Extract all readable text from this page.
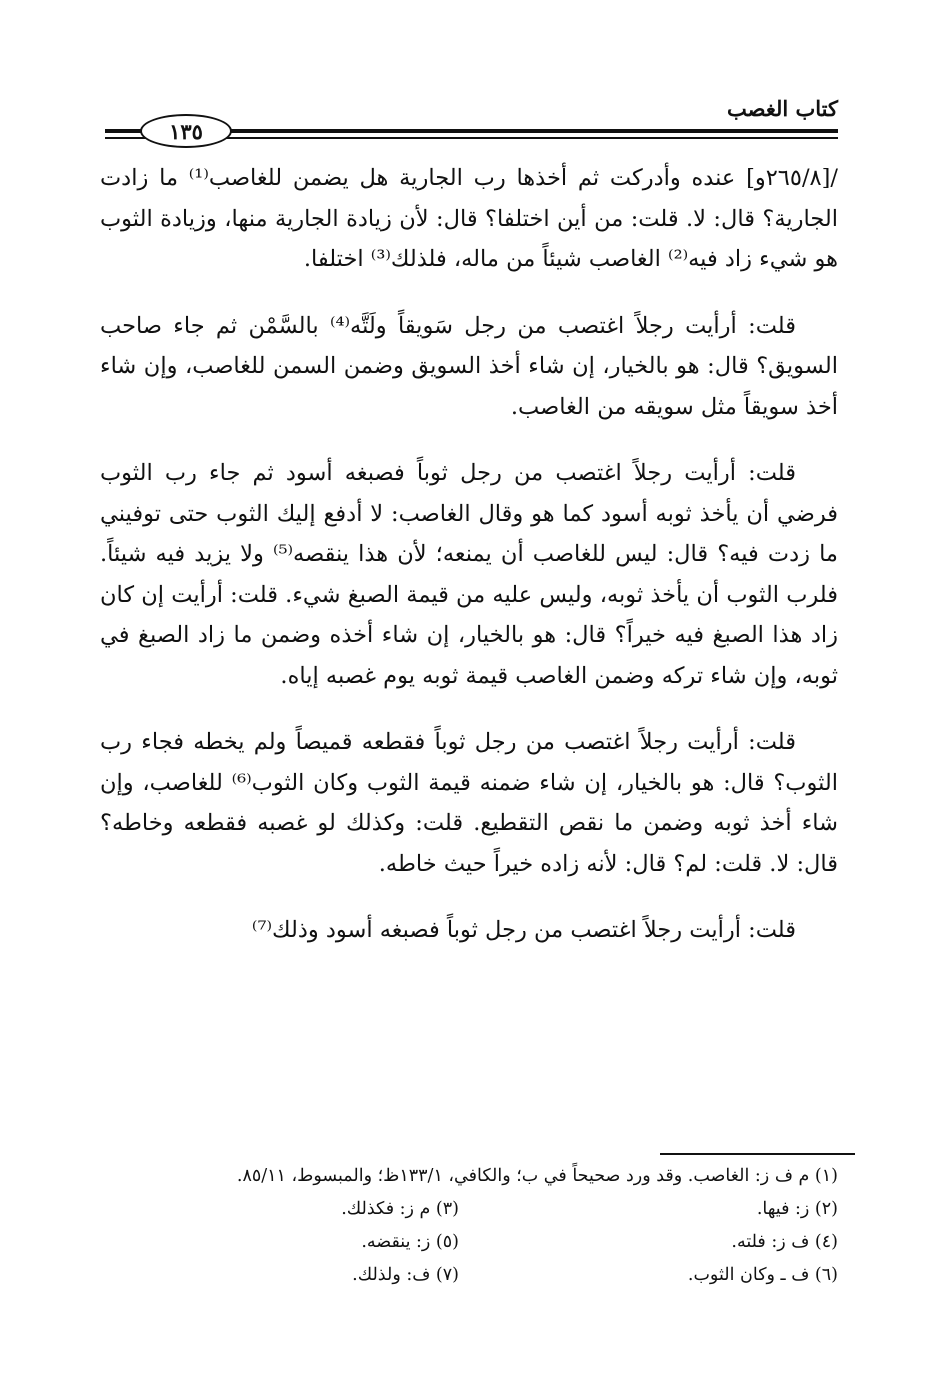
كتاب الغصب
١٣٥

/[٢٦٥/٨و] عنده وأدركت ثم أخذها رب الجارية هل يضمن للغاصب⁽¹⁾ ما زادت الجارية؟ قال: لا. قلت: من أين اختلفا؟ قال: لأن زيادة الجارية منها، وزيادة الثوب هو شيء زاد فيه⁽²⁾ الغاصب شيئاً من ماله، فلذلك⁽³⁾ اختلفا.

قلت: أرأيت رجلاً اغتصب من رجل سَويقاً ولَتَّه⁽⁴⁾ بالسَّمْن ثم جاء صاحب السويق؟ قال: هو بالخيار، إن شاء أخذ السويق وضمن السمن للغاصب، وإن شاء أخذ سويقاً مثل سويقه من الغاصب.

قلت: أرأيت رجلاً اغتصب من رجل ثوباً فصبغه أسود ثم جاء رب الثوب فرضي أن يأخذ ثوبه أسود كما هو وقال الغاصب: لا أدفع إليك الثوب حتى توفيني ما زدت فيه؟ قال: ليس للغاصب أن يمنعه؛ لأن هذا ينقصه⁽⁵⁾ ولا يزيد فيه شيئاً. فلرب الثوب أن يأخذ ثوبه، وليس عليه من قيمة الصبغ شيء. قلت: أرأيت إن كان زاد هذا الصبغ فيه خيراً؟ قال: هو بالخيار، إن شاء أخذه وضمن ما زاد الصبغ في ثوبه، وإن شاء تركه وضمن الغاصب قيمة ثوبه يوم غصبه إياه.

قلت: أرأيت رجلاً اغتصب من رجل ثوباً فقطعه قميصاً ولم يخطه فجاء رب الثوب؟ قال: هو بالخيار، إن شاء ضمنه قيمة الثوب وكان الثوب⁽⁶⁾ للغاصب، وإن شاء أخذ ثوبه وضمن ما نقص التقطيع. قلت: وكذلك لو غصبه فقطعه وخاطه؟ قال: لا. قلت: لم؟ قال: لأنه زاده خيراً حيث خاطه.

قلت: أرأيت رجلاً اغتصب من رجل ثوباً فصبغه أسود وذلك⁽⁷⁾

(١) م ف ز: الغاصب. وقد ورد صحيحاً في ب؛ والكافي، ١٣٣/١ظ؛ والمبسوط، ٨٥/١١.

(٢) ز: فيها.
(٣) م ز: فكذلك.
(٤) ف ز: فلته.
(٥) ز: ينقضه.
(٦) ف ـ وكان الثوب.
(٧) ف: ولذلك.
